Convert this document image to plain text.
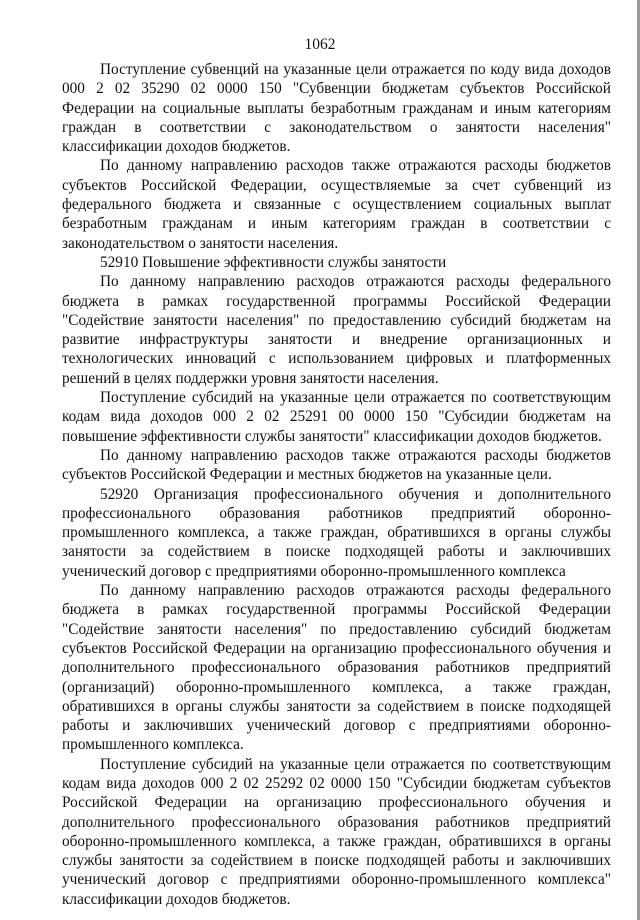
1062

Поступление субвенций на указанные цели отражается по коду вида доходов 000 2 02 35290 02 0000 150 "Субвенции бюджетам субъектов Российской Федерации на социальные выплаты безработным гражданам и иным категориям граждан в соответствии с законодательством о занятости населения" классификации доходов бюджетов.

По данному направлению расходов также отражаются расходы бюджетов субъектов Российской Федерации, осуществляемые за счет субвенций из федерального бюджета и связанные с осуществлением социальных выплат безработным гражданам и иным категориям граждан в соответствии с законодательством о занятости населения.

52910 Повышение эффективности службы занятости

По данному направлению расходов отражаются расходы федерального бюджета в рамках государственной программы Российской Федерации "Содействие занятости населения" по предоставлению субсидий бюджетам на развитие инфраструктуры занятости и внедрение организационных и технологических инноваций с использованием цифровых и платформенных решений в целях поддержки уровня занятости населения.

Поступление субсидий на указанные цели отражается по соответствующим кодам вида доходов 000 2 02 25291 00 0000 150 "Субсидии бюджетам на повышение эффективности службы занятости" классификации доходов бюджетов.

По данному направлению расходов также отражаются расходы бюджетов субъектов Российской Федерации и местных бюджетов на указанные цели.

52920 Организация профессионального обучения и дополнительного профессионального образования работников предприятий оборонно-промышленного комплекса, а также граждан, обратившихся в органы службы занятости за содействием в поиске подходящей работы и заключивших ученический договор с предприятиями оборонно-промышленного комплекса

По данному направлению расходов отражаются расходы федерального бюджета в рамках государственной программы Российской Федерации "Содействие занятости населения" по предоставлению субсидий бюджетам субъектов Российской Федерации на организацию профессионального обучения и дополнительного профессионального образования работников предприятий (организаций) оборонно-промышленного комплекса, а также граждан, обратившихся в органы службы занятости за содействием в поиске подходящей работы и заключивших ученический договор с предприятиями оборонно-промышленного комплекса.

Поступление субсидий на указанные цели отражается по соответствующим кодам вида доходов 000 2 02 25292 02 0000 150 "Субсидии бюджетам субъектов Российской Федерации на организацию профессионального обучения и дополнительного профессионального образования работников предприятий оборонно-промышленного комплекса, а также граждан, обратившихся в органы службы занятости за содействием в поиске подходящей работы и заключивших ученический договор с предприятиями оборонно-промышленного комплекса" классификации доходов бюджетов.
